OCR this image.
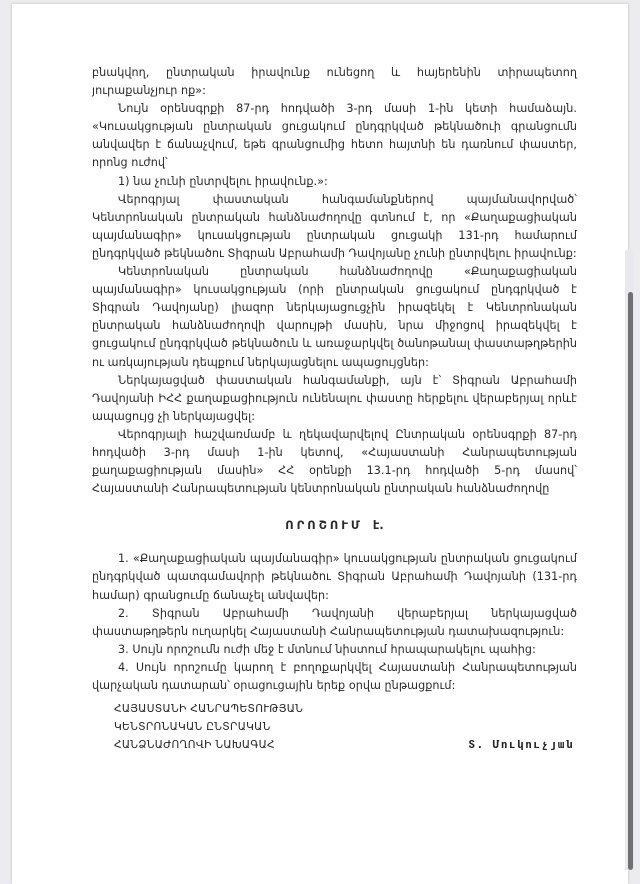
բնակվող, ընտրական իրավունք ունեցող և հայերենին տիրապետող յուրաքանչյուր ոք»:

Նույն օրենսգրքի 87-րդ հոդվածի 3-րդ մասի 1-ին կետի համաձայն. «Կուսակցության ընտրական ցուցակում ընդգրկված թեկնածուի գրանցումն անվավեր է ճանաչվում, եթե գրանցումից հետո հայտնի են դառնում փաստեր, որոնց ուժով՝

1) նա չունի ընտրվելու իրավունք.»:

Վերոգրյալ փաստական հանգամանքներով պայմանավորված՝ Կենտրոնական ընտրական հանձնաժողովը գտնում է, որ «Քաղաքացիական պայմանագիր» կուսակցության ընտրական ցուցակի 131-րդ համարում ընդգրկված թեկնածու Տիգրան Աբրահամի Դավոյանը չունի ընտրվելու իրավունք:

Կենտրոնական ընտրական հանձնաժողովը «Քաղաքացիական պայմանագիր» կուսակցության (որի ընտրական ցուցակում ընդգրկված է Տիգրան Դավոյանը) լիազոր ներկայացուցչին իրազեկել է Կենտրոնական ընտրական հանձնաժողովի վարույթի մասին, նրա միջոցով իրազեկվել է ցուցակում ընդգրկված թեկնածուն և առաջարկվել ծանոթանալ փաստաթղթերին ու առկայության դեպքում ներկայացնելու ապացույցներ:

Ներկայացված փաստական հանգամանքի, այն է՝ Տիգրան Աբրահամի Դավոյանի ԻՀՀ քաղաքացիություն ունենալու փաստը հերքելու վերաբերյալ որևէ ապացույց չի ներկայացվել:

Վերոգրյալի հաշվառմամբ և ղեկավարվելով Ընտրական օրենսգրքի 87-րդ հոդվածի 3-րդ մասի 1-ին կետով, «Հայաստանի Հանրապետության քաղաքացիության մասին» ՀՀ օրենքի 13.1-րդ հոդվածի 5-րդ մասով՝ Հայաստանի Հանրապետության կենտրոնական ընտրական հանձնաժողովը

ՈՐՈՇՈՒՄ է.
1. «Քաղաքացիական պայմանագիր» կուսակցության ընտրական ցուցակում ընդգրկված պատգամավորի թեկնածու Տիգրան Աբրահամի Դավոյանի (131-րդ համար) գրանցումը ճանաչել անվավեր:
2. Տիգրան Աբրահամի Դավոյանի վերաբերյալ ներկայացված փաստաթղթերն ուղարկել Հայաստանի Հանրապետության դատախազություն:
3. Սույն որոշումն ուժի մեջ է մտնում նիստում հրապարակելու պահից:
4. Սույն որոշումը կարող է բողոքարկվել Հայաստանի Հանրապետության վարչական դատարան՝ օրացուցային երեք օրվա ընթացքում:
ՀԱՅԱՍՏԱՆԻ ՀԱՆՐԱՊԵՏՈՒԹՅԱՆ
ԿԵՆՏՐՈՆԱԿԱՆ ԸՆՏՐԱԿԱՆ
ՀԱՆՁՆԱԺՈՂՈՎԻ ՆԱԽԱԳԱՀ	Տ. Մուկուչյան
